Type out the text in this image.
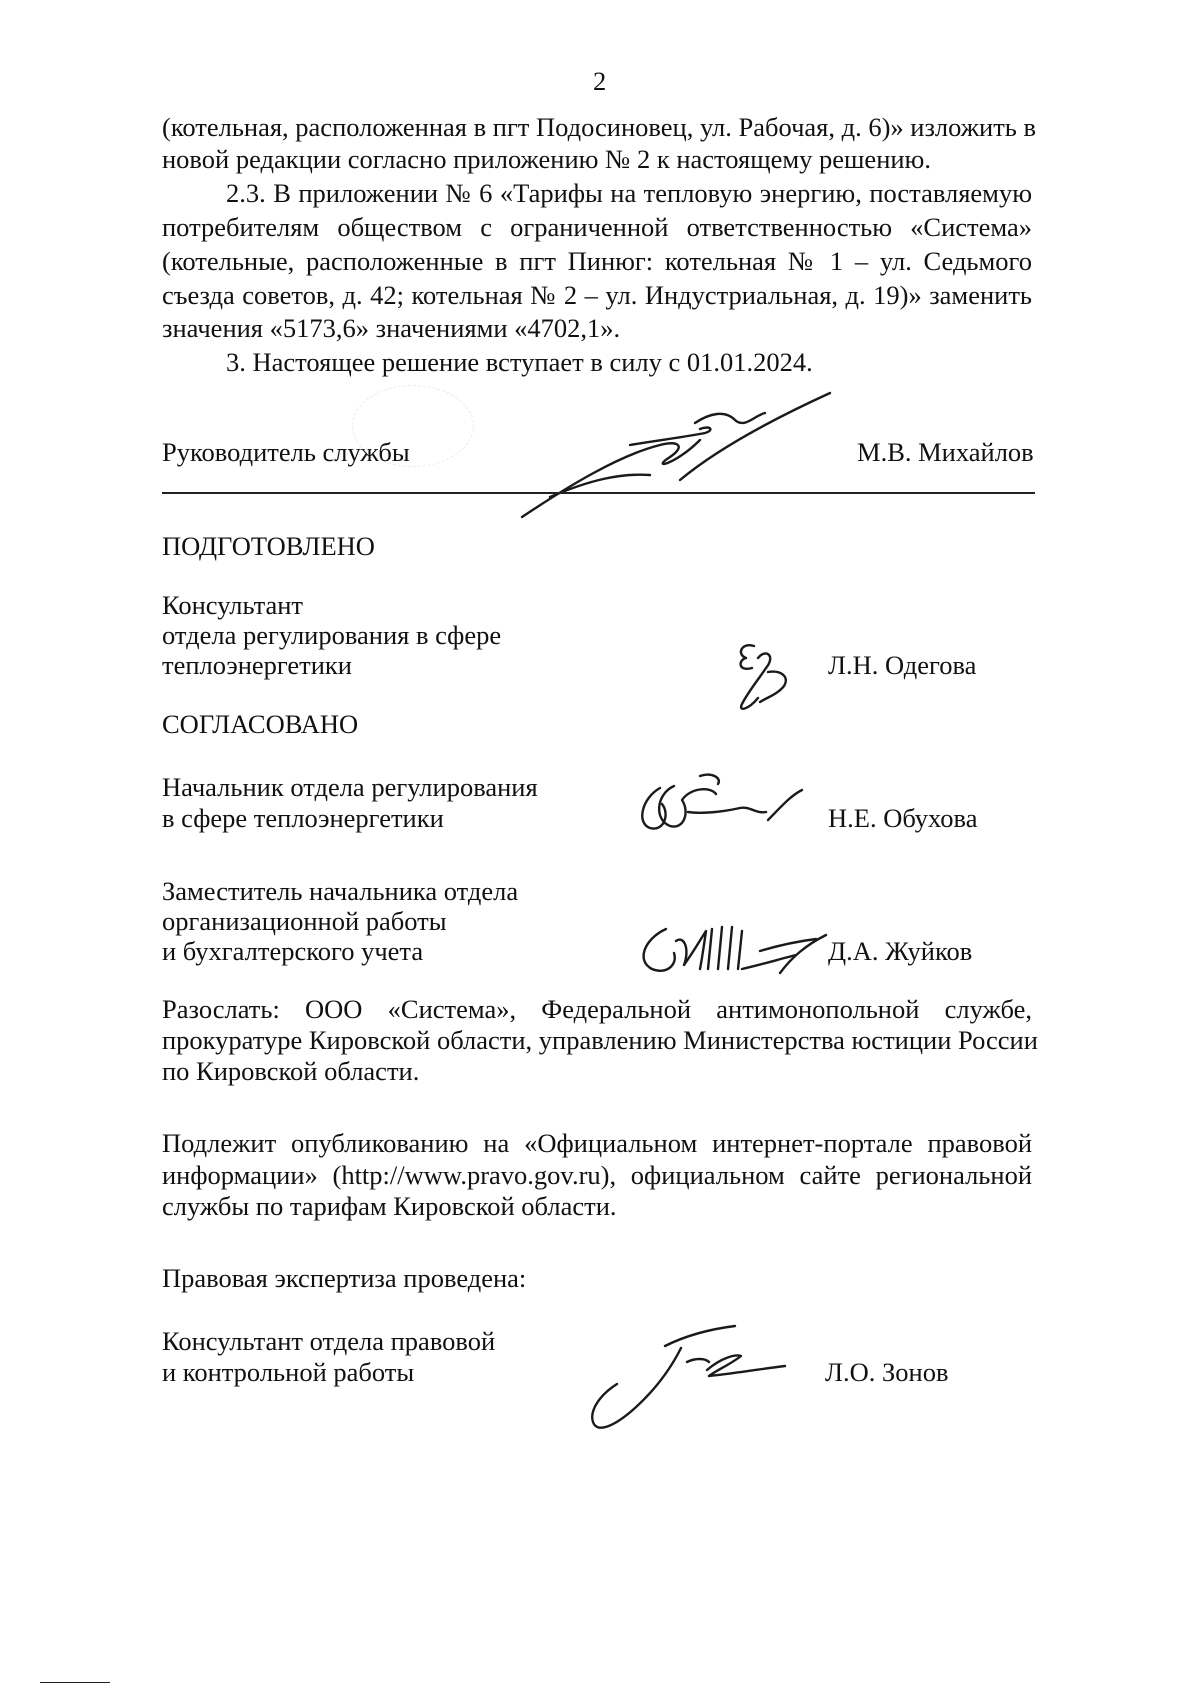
2
(котельная, расположенная в пгт Подосиновец, ул. Рабочая, д. 6)» изложить в
новой редакции согласно приложению № 2 к настоящему решению.
2.3. В приложении № 6 «Тарифы на тепловую энергию, поставляемую
потребителям обществом с ограниченной ответственностью «Система»
(котельные, расположенные в пгт Пинюг: котельная № 1 – ул. Седьмого
съезда советов, д. 42; котельная № 2 – ул. Индустриальная, д. 19)» заменить
значения «5173,6» значениями «4702,1».
3. Настоящее решение вступает в силу с 01.01.2024.
Руководитель службы	М.В. Михайлов
ПОДГОТОВЛЕНО
Консультант
отдела регулирования в сфере
теплоэнергетики	Л.Н. Одегова
СОГЛАСОВАНО
Начальник отдела регулирования
в сфере теплоэнергетики	Н.Е. Обухова
Заместитель начальника отдела
организационной работы
и бухгалтерского учета	Д.А. Жуйков
Разослать: ООО «Система», Федеральной антимонопольной службе,
прокуратуре Кировской области, управлению Министерства юстиции России
по Кировской области.
Подлежит опубликованию на «Официальном интернет-портале правовой
информации» (http://www.pravo.gov.ru), официальном сайте региональной
службы по тарифам Кировской области.
Правовая экспертиза проведена:
Консультант отдела правовой
и контрольной работы	Л.О. Зонов
